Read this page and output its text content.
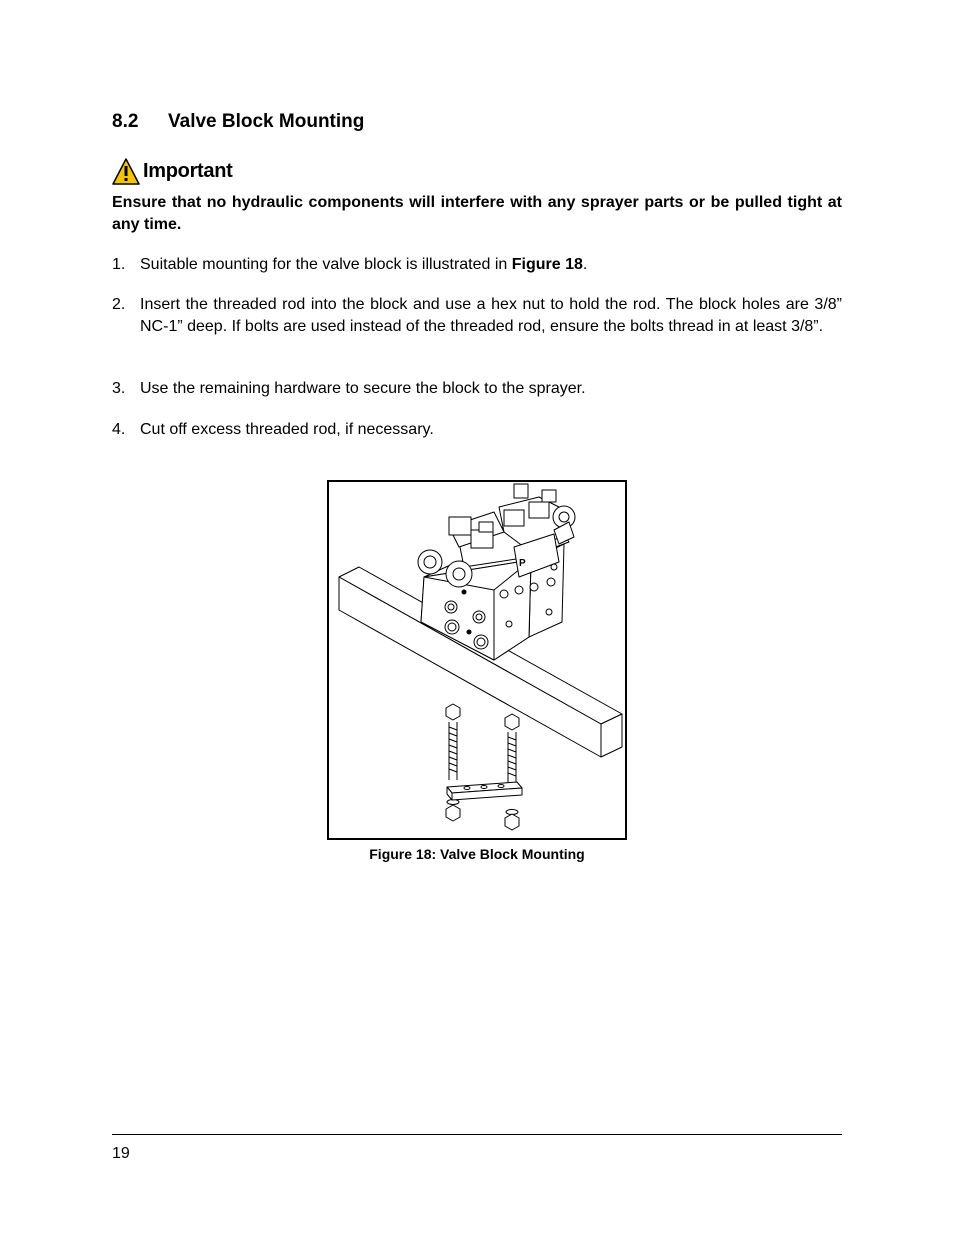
8.2 Valve Block Mounting
Important

Ensure that no hydraulic components will interfere with any sprayer parts or be pulled tight at any time.

1. Suitable mounting for the valve block is illustrated in Figure 18.
2. Insert the threaded rod into the block and use a hex nut to hold the rod. The block holes are 3/8” NC-1” deep. If bolts are used instead of the threaded rod, ensure the bolts thread in at least 3/8”.
3. Use the remaining hardware to secure the block to the sprayer.
4. Cut off excess threaded rod, if necessary.
P
Figure 18: Valve Block Mounting
19
